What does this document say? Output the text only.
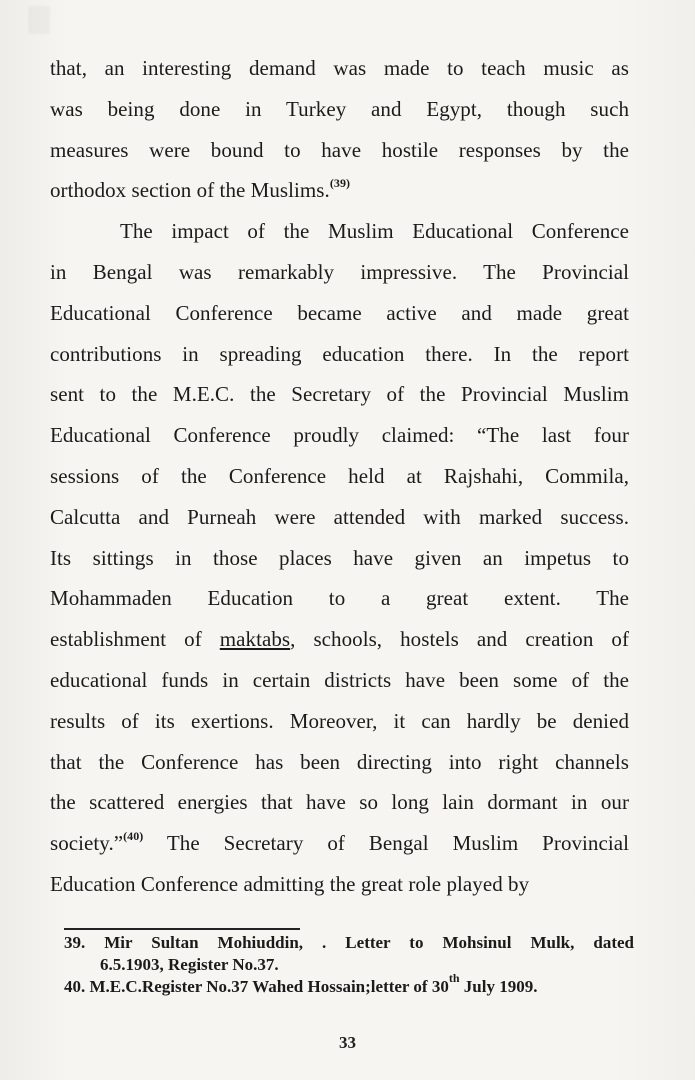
that, an interesting demand was made to teach music as
was being done in Turkey and Egypt, though such
measures were bound to have hostile responses by the
orthodox section of the Muslims.$^{(39)}$
The impact of the Muslim Educational Conference
in Bengal was remarkably impressive. The Provincial
Educational Conference became active and made great
contributions in spreading education there. In the report
sent to the M.E.C. the Secretary of the Provincial Muslim
Educational Conference proudly claimed: “The last four
sessions of the Conference held at Rajshahi, Commila,
Calcutta and Purneah were attended with marked success.
Its sittings in those places have given an impetus to
Mohammaden Education to a great extent. The
establishment of maktabs, schools, hostels and creation of
educational funds in certain districts have been some of the
results of its exertions. Moreover, it can hardly be denied
that the Conference has been directing into right channels
the scattered energies that have so long lain dormant in our
society.”$^{(40)}$ The Secretary of Bengal Muslim Provincial
Education Conference admitting the great role played by
39. Mir Sultan Mohiuddin, . Letter to Mohsinul Mulk, dated
6.5.1903, Register No.37.
40. M.E.C.Register No.37 Wahed Hossain;letter of 30th July 1909.
33
